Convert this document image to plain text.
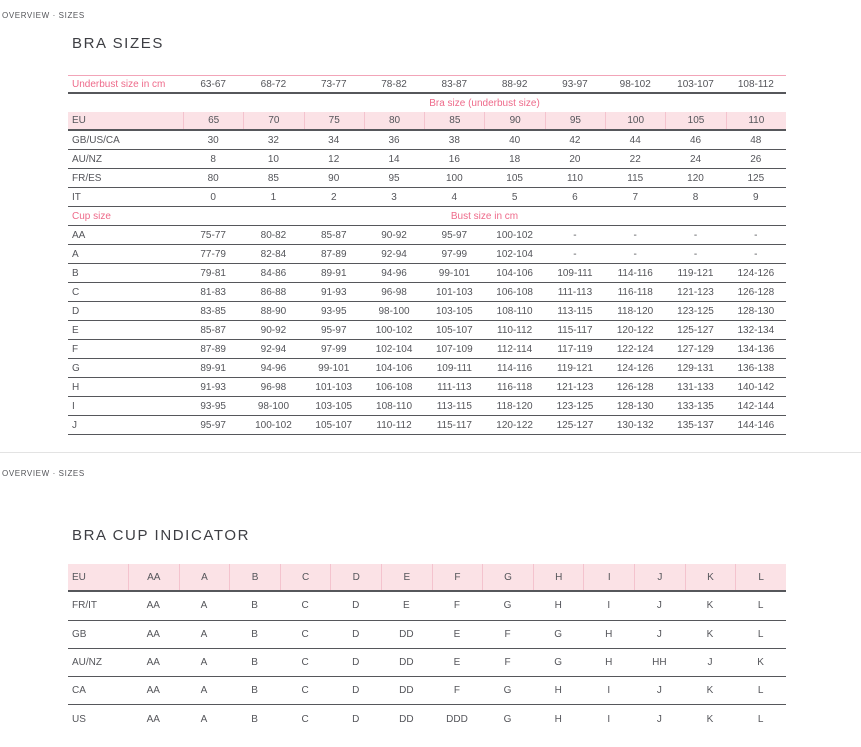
OVERVIEW · SIZES
BRA SIZES
Underbust size in cm	63-67	68-72	73-77	78-82	83-87	88-92	93-97	98-102	103-107	108-112
Bra size (underbust size)
EU	65	70	75	80	85	90	95	100	105	110
GB/US/CA	30	32	34	36	38	40	42	44	46	48
AU/NZ	8	10	12	14	16	18	20	22	24	26
FR/ES	80	85	90	95	100	105	110	115	120	125
IT	0	1	2	3	4	5	6	7	8	9
Cup size	Bust size in cm
AA	75-77	80-82	85-87	90-92	95-97	100-102	-	-	-	-
A	77-79	82-84	87-89	92-94	97-99	102-104	-	-	-	-
B	79-81	84-86	89-91	94-96	99-101	104-106	109-111	114-116	119-121	124-126
C	81-83	86-88	91-93	96-98	101-103	106-108	111-113	116-118	121-123	126-128
D	83-85	88-90	93-95	98-100	103-105	108-110	113-115	118-120	123-125	128-130
E	85-87	90-92	95-97	100-102	105-107	110-112	115-117	120-122	125-127	132-134
F	87-89	92-94	97-99	102-104	107-109	112-114	117-119	122-124	127-129	134-136
G	89-91	94-96	99-101	104-106	109-111	114-116	119-121	124-126	129-131	136-138
H	91-93	96-98	101-103	106-108	111-113	116-118	121-123	126-128	131-133	140-142
I	93-95	98-100	103-105	108-110	113-115	118-120	123-125	128-130	133-135	142-144
J	95-97	100-102	105-107	110-112	115-117	120-122	125-127	130-132	135-137	144-146
OVERVIEW · SIZES
BRA CUP INDICATOR
EU	AA	A	B	C	D	E	F	G	H	I	J	K	L
FR/IT	AA	A	B	C	D	E	F	G	H	I	J	K	L
GB	AA	A	B	C	D	DD	E	F	G	H	J	K	L
AU/NZ	AA	A	B	C	D	DD	E	F	G	H	HH	J	K
CA	AA	A	B	C	D	DD	F	G	H	I	J	K	L
US	AA	A	B	C	D	DD	DDD	G	H	I	J	K	L
